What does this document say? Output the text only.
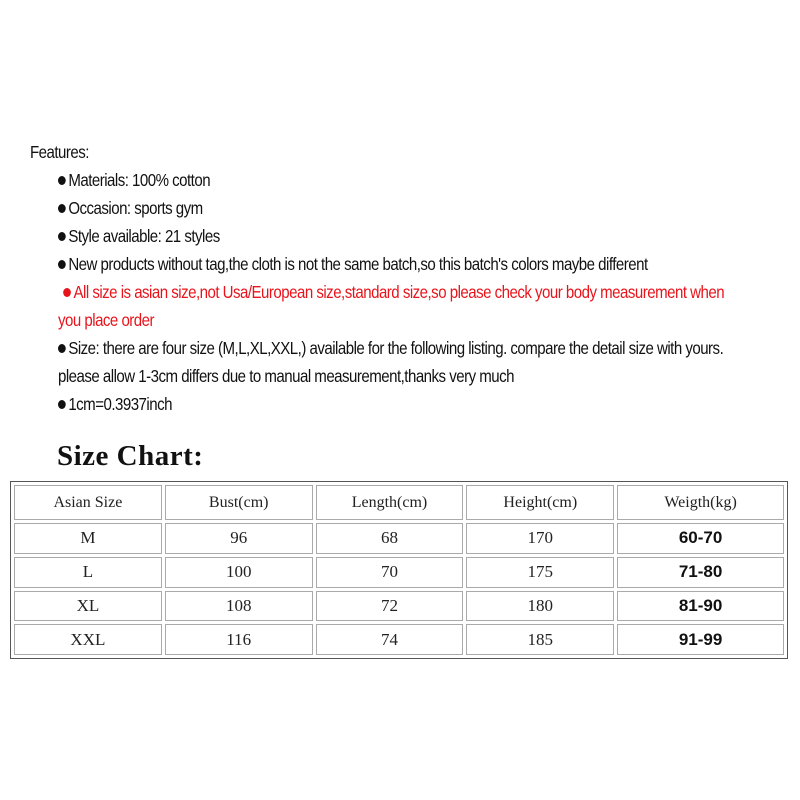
Features:
Materials: 100% cotton
Occasion: sports gym
Style available: 21 styles
New products without tag,the cloth is not the same batch,so this batch's colors maybe different
All size is asian size,not Usa/European size,standard size,so please check your body measurement when
you place order
Size: there are four size (M,L,XL,XXL,) available for the following listing. compare the detail size with yours.
please allow 1-3cm differs due to manual measurement,thanks very much
1cm=0.3937inch
Size Chart:
Asian Size	Bust(cm)	Length(cm)	Height(cm)	Weigth(kg)
M	96	68	170	60-70
L	100	70	175	71-80
XL	108	72	180	81-90
XXL	116	74	185	91-99
